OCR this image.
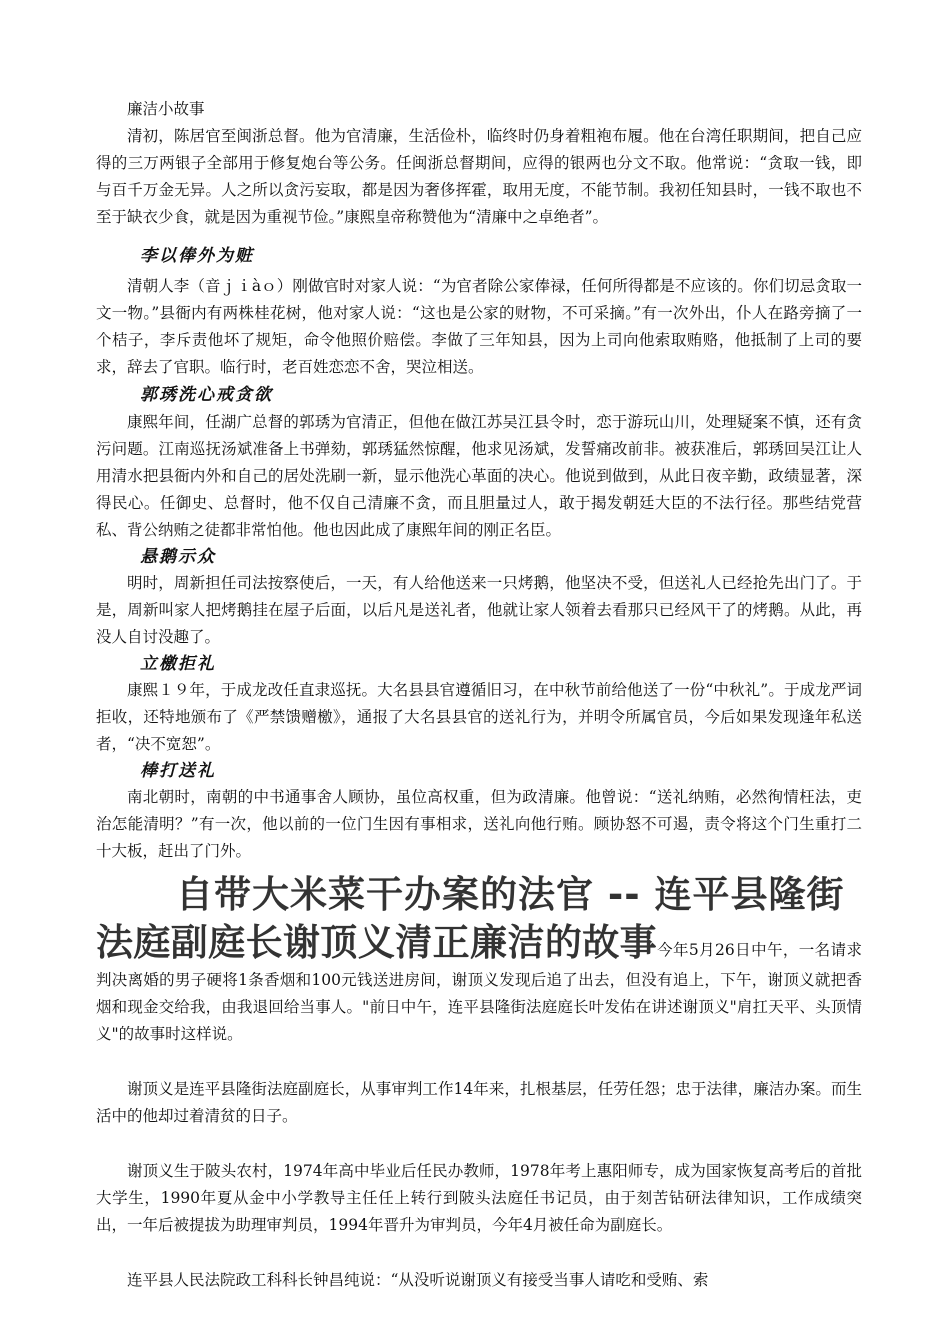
廉洁小故事

清初，陈居官至闽浙总督。他为官清廉，生活俭朴，临终时仍身着粗袍布履。他在台湾任职期间，把自己应得的三万两银子全部用于修复炮台等公务。任闽浙总督期间，应得的银两也分文不取。他常说：“贪取一钱，即与百千万金无异。人之所以贪污妄取，都是因为奢侈挥霍，取用无度，不能节制。我初任知县时，一钱不取也不至于缺衣少食，就是因为重视节俭。”康熙皇帝称赞他为“清廉中之卓绝者”。

李以俸外为赃

清朝人李（音ｊｉàｏ）刚做官时对家人说：“为官者除公家俸禄，任何所得都是不应该的。你们切忌贪取一文一物。”县衙内有两株桂花树，他对家人说：“这也是公家的财物，不可采摘。”有一次外出，仆人在路旁摘了一个桔子，李斥责他坏了规矩，命令他照价赔偿。李做了三年知县，因为上司向他索取贿赂，他抵制了上司的要求，辞去了官职。临行时，老百姓恋恋不舍，哭泣相送。

郭琇洗心戒贪欲

康熙年间，任湖广总督的郭琇为官清正，但他在做江苏吴江县令时，恋于游玩山川，处理疑案不慎，还有贪污问题。江南巡抚汤斌准备上书弹劾，郭琇猛然惊醒，他求见汤斌，发誓痛改前非。被获准后，郭琇回吴江让人用清水把县衙内外和自己的居处洗刷一新，显示他洗心革面的决心。他说到做到，从此日夜辛勤，政绩显著，深得民心。任御史、总督时，他不仅自己清廉不贪，而且胆量过人，敢于揭发朝廷大臣的不法行径。那些结党营私、背公纳贿之徒都非常怕他。他也因此成了康熙年间的刚正名臣。

悬鹅示众

明时，周新担任司法按察使后，一天，有人给他送来一只烤鹅，他坚决不受，但送礼人已经抢先出门了。于是，周新叫家人把烤鹅挂在屋子后面，以后凡是送礼者，他就让家人领着去看那只已经风干了的烤鹅。从此，再没人自讨没趣了。

立檄拒礼

康熙１９年，于成龙改任直隶巡抚。大名县县官遵循旧习，在中秋节前给他送了一份“中秋礼”。于成龙严词拒收，还特地颁布了《严禁馈赠檄》，通报了大名县县官的送礼行为，并明令所属官员，今后如果发现逢年私送者，“决不宽恕”。

棒打送礼

南北朝时，南朝的中书通事舍人顾协，虽位高权重，但为政清廉。他曾说：“送礼纳贿，必然徇情枉法，吏治怎能清明？”有一次，他以前的一位门生因有事相求，送礼向他行贿。顾协怒不可遏，责令将这个门生重打二十大板，赶出了门外。

自带大米菜干办案的法官 -- 连平县隆街

法庭副庭长谢顶义清正廉洁的故事今年5月26日中午，一名请求判决离婚的男子硬将1条香烟和100元钱送进房间，谢顶义发现后追了出去，但没有追上，下午，谢顶义就把香烟和现金交给我，由我退回给当事人。"前日中午，连平县隆街法庭庭长叶发佑在讲述谢顶义"肩扛天平、头顶情义"的故事时这样说。

谢顶义是连平县隆街法庭副庭长，从事审判工作14年来，扎根基层，任劳任怨；忠于法律，廉洁办案。而生活中的他却过着清贫的日子。

谢顶义生于陂头农村，1974年高中毕业后任民办教师，1978年考上惠阳师专，成为国家恢复高考后的首批大学生，1990年夏从金中小学教导主任任上转行到陂头法庭任书记员，由于刻苦钻研法律知识，工作成绩突出，一年后被提拔为助理审判员，1994年晋升为审判员，今年4月被任命为副庭长。

连平县人民法院政工科科长钟昌纯说：“从没听说谢顶义有接受当事人请吃和受贿、索
